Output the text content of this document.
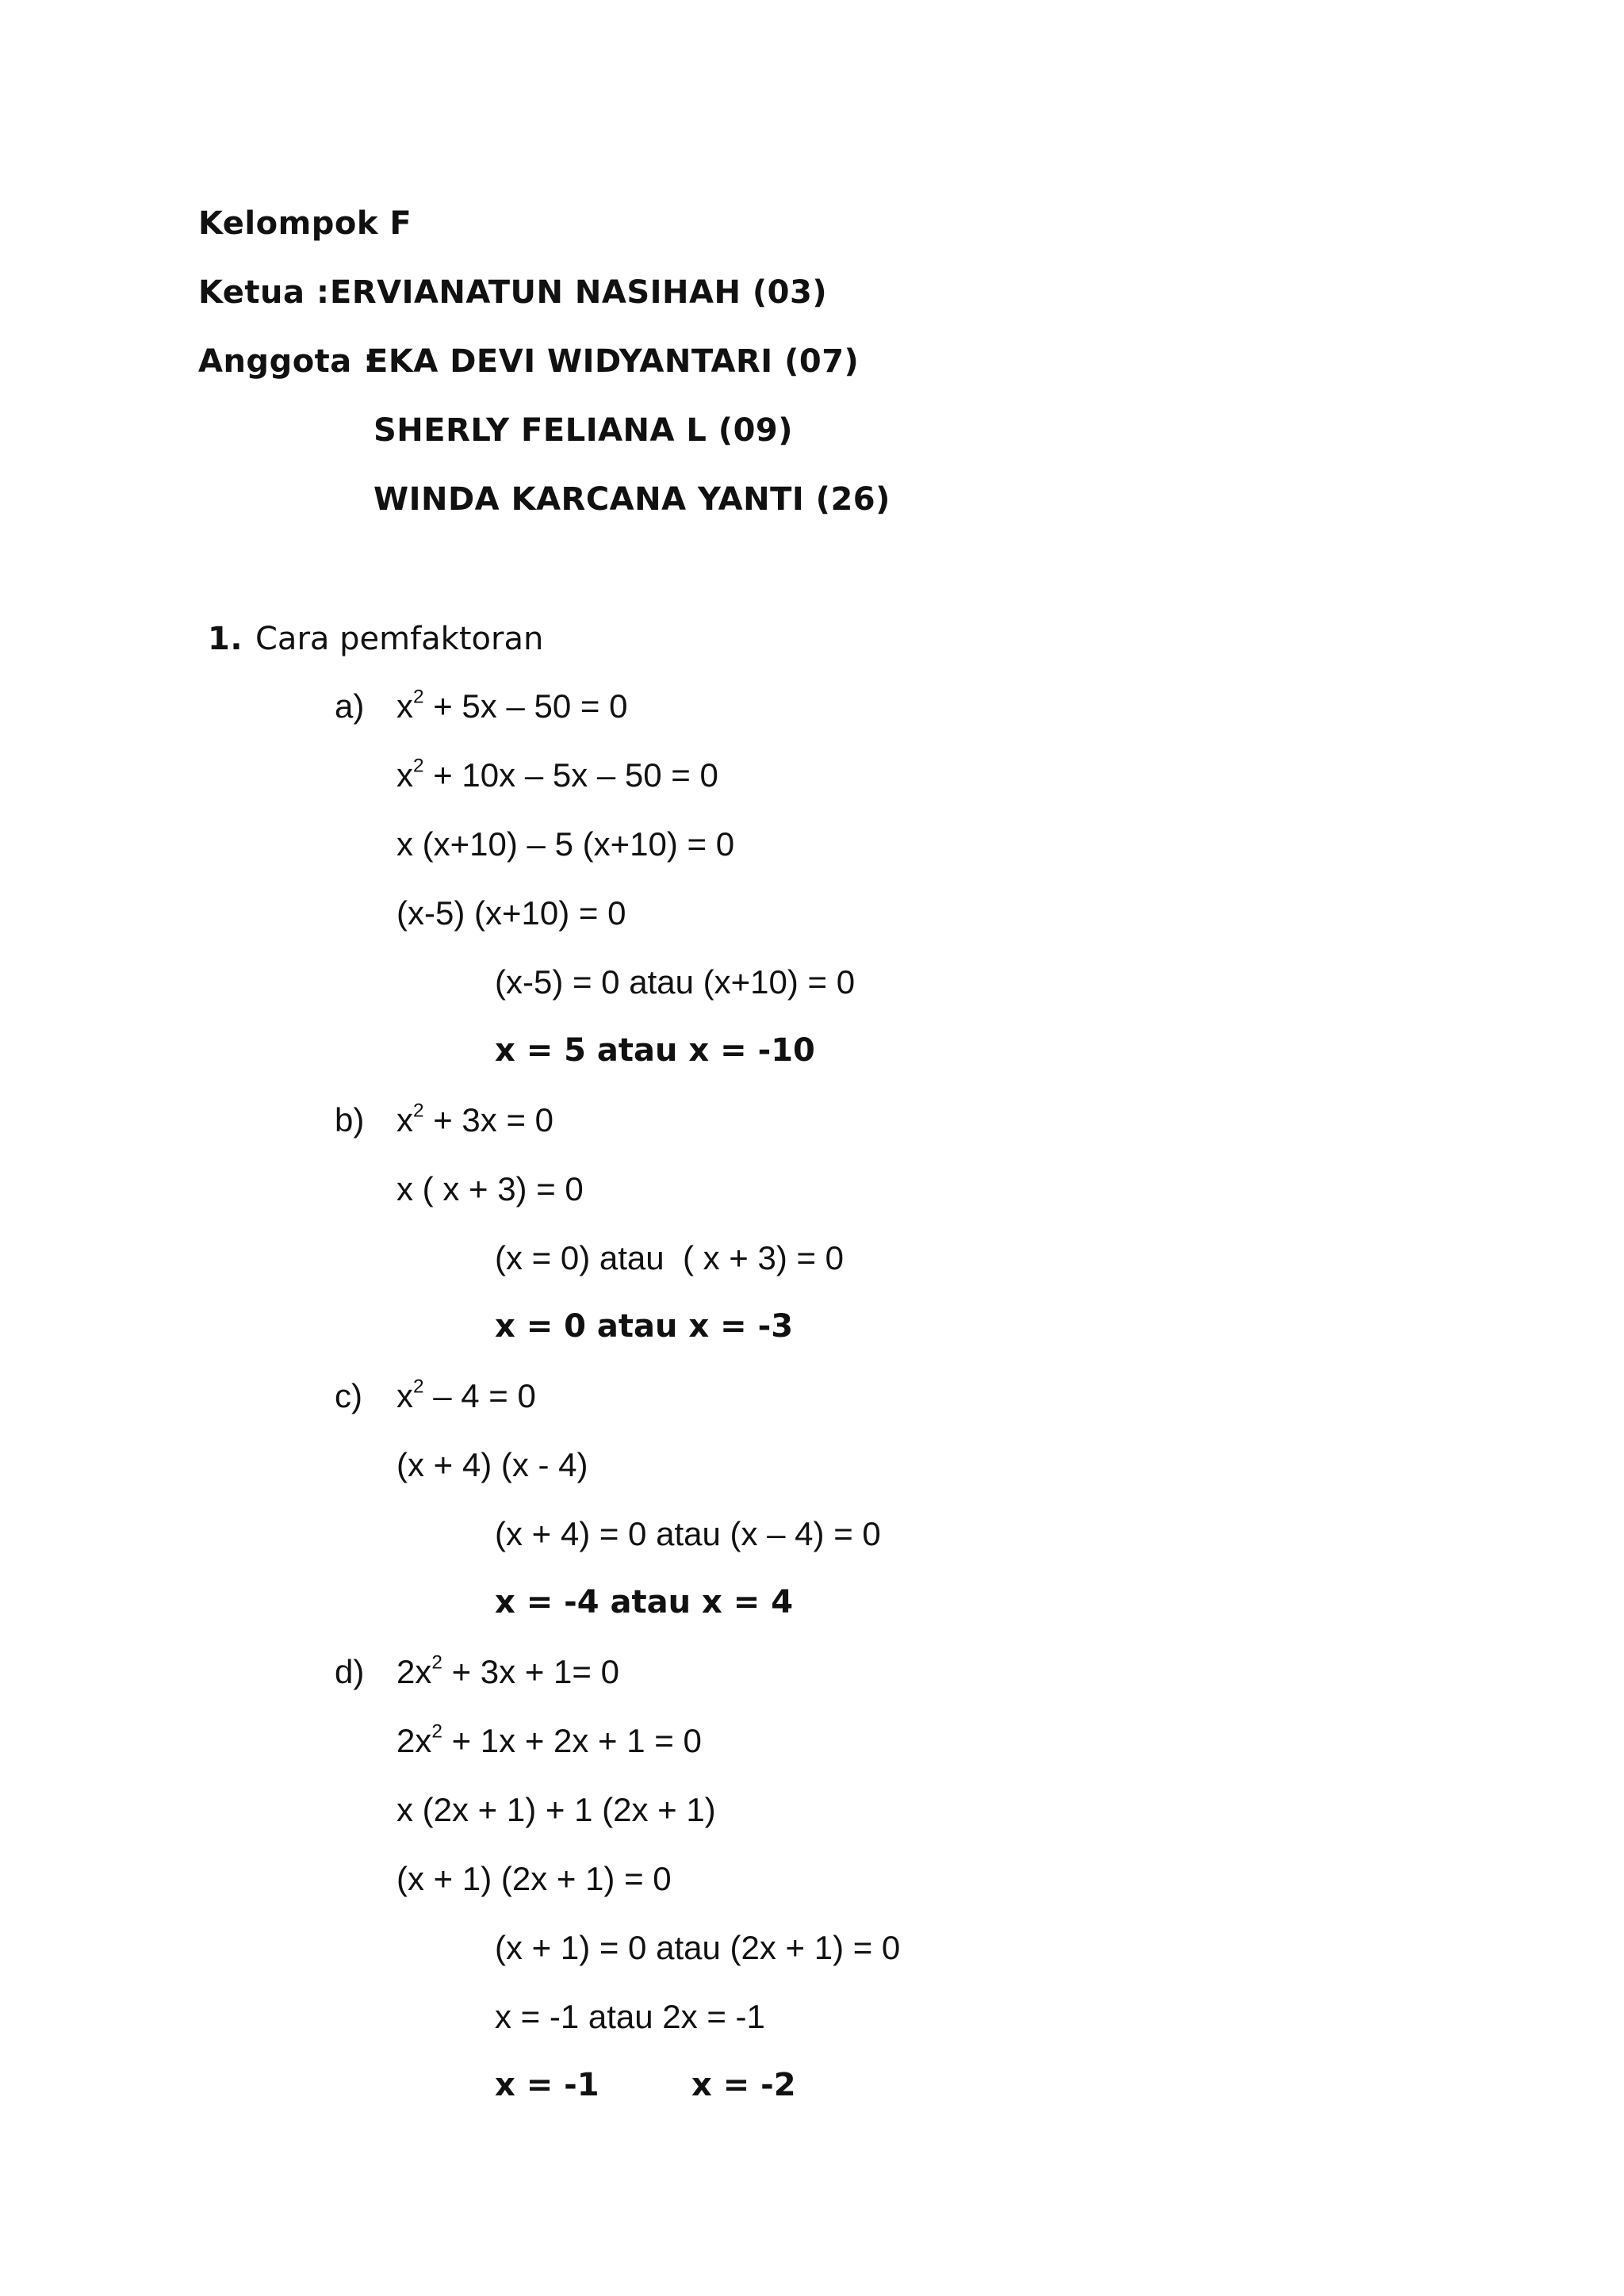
Kelompok F
Ketua : ERVIANATUN NASIHAH (03)
Anggota :
EKA DEVI WIDYANTARI (07)
SHERLY FELIANA L (09)
WINDA KARCANA YANTI (26)
1. Cara pemfaktoran
a) $x^2 + 5x - 50 = 0$
$x^2 + 10x - 5x - 50 = 0$
x (x+10) – 5 (x+10) = 0
(x-5) (x+10) = 0
(x-5) = 0 atau (x+10) = 0
x = 5 atau x = -10
b) $x^2 + 3x = 0$
x ( x + 3) = 0
(x = 0) atau  ( x + 3) = 0
x = 0 atau x = -3
c) $x^2 - 4 = 0$
(x + 4) (x - 4)
(x + 4) = 0 atau (x – 4) = 0
x = -4 atau x = 4
d) $2x^2 + 3x + 1= 0$
$2x^2 + 1x + 2x + 1 = 0$
x (2x + 1) + 1 (2x + 1)
(x + 1) (2x + 1) = 0
(x + 1) = 0 atau (2x + 1) = 0
x = -1 atau 2x = -1
x = -1	x = -2
